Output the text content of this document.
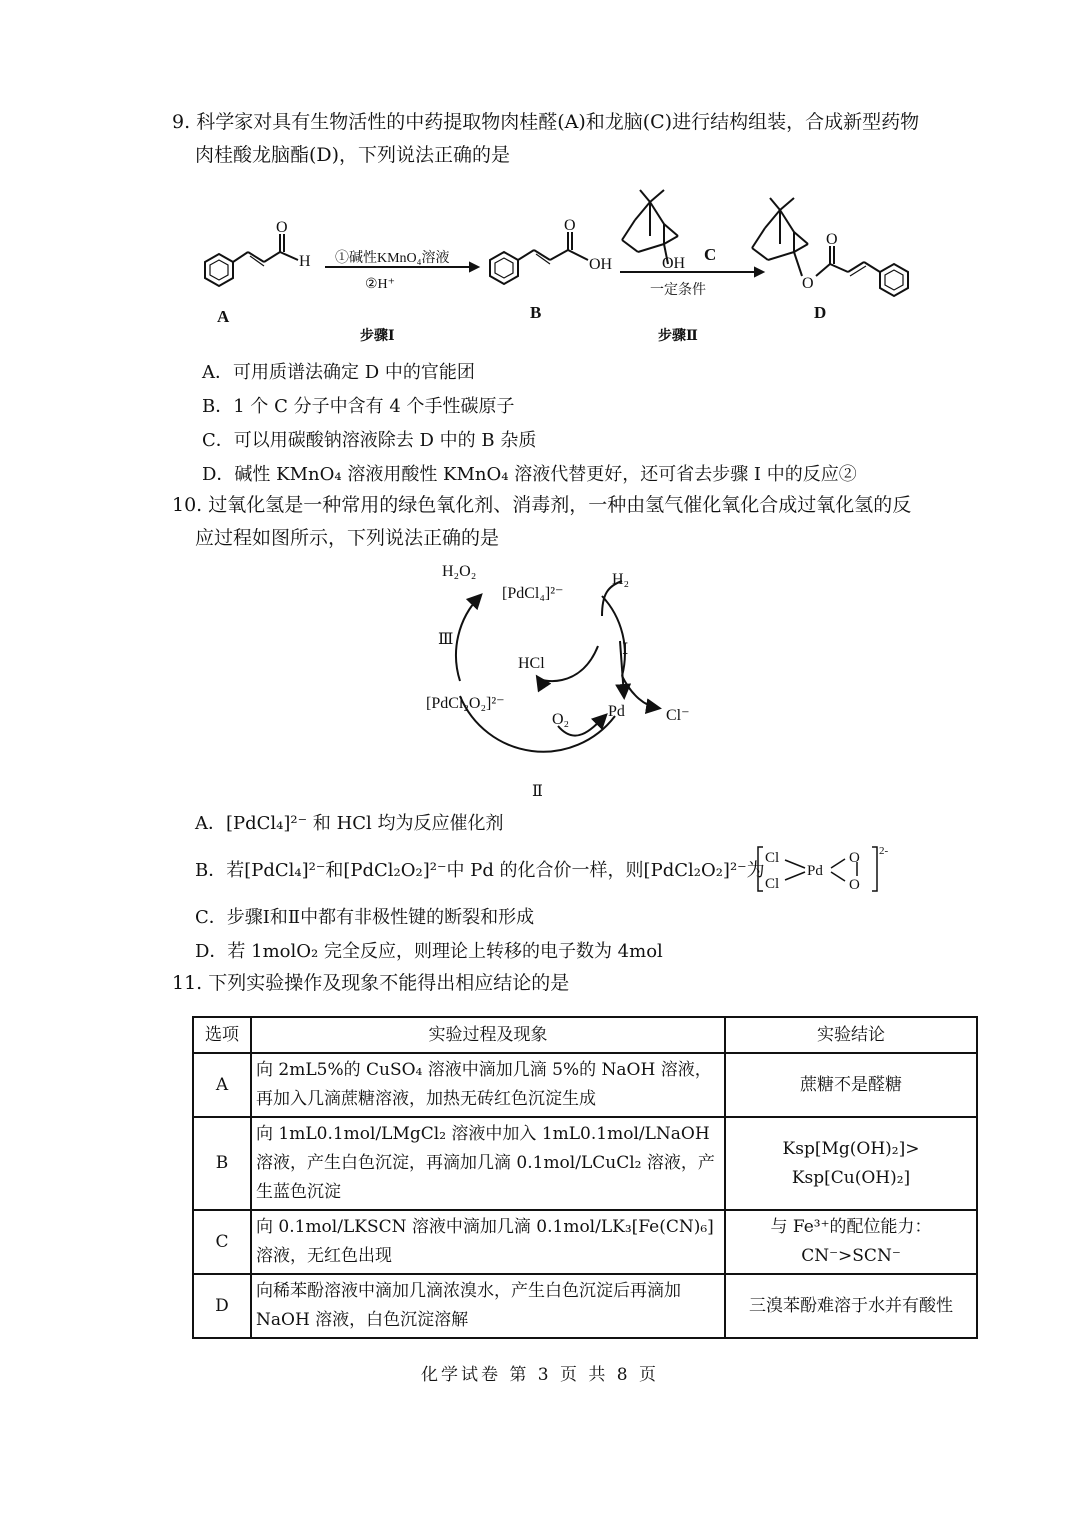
9. 科学家对具有生物活性的中药提取物肉桂醛(A)和龙脑(C)进行结构组装，合成新型药物
肉桂酸龙脑酯(D)，下列说法正确的是
H
O	O
OH	OH
O
O
A	B
C
D
①碱性KMnO₄溶液
②H⁺
步骤Ⅰ
一定条件
步骤Ⅱ
A．可用质谱法确定 D 中的官能团
B．1 个 C 分子中含有 4 个手性碳原子
C．可以用碳酸钠溶液除去 D 中的 B 杂质
D．碱性 KMnO₄ 溶液用酸性 KMnO₄ 溶液代替更好，还可省去步骤 I 中的反应②
10. 过氧化氢是一种常用的绿色氧化剂、消毒剂，一种由氢气催化氧化合成过氧化氢的反
应过程如图所示，下列说法正确的是
H₂O₂
[PdCl₄]²⁻
H₂
Ⅲ
Ⅰ
HCl
[PdCl₂O₂]²⁻
O₂ Pd	Cl⁻
Ⅱ
A．[PdCl₄]²⁻ 和 HCl 均为反应催化剂
B．若[PdCl₄]²⁻和[PdCl₂O₂]²⁻中 Pd 的化合价一样，则[PdCl₂O₂]²⁻为
Cl
Cl
Pd
O
O
2-
C．步骤Ⅰ和Ⅱ中都有非极性键的断裂和形成
D．若 1molO₂ 完全反应，则理论上转移的电子数为 4mol
11. 下列实验操作及现象不能得出相应结论的是
选项	实验过程及现象	实验结论
A	向 2mL5%的 CuSO₄ 溶液中滴加几滴 5%的 NaOH 溶液，再加入几滴蔗糖溶液，加热无砖红色沉淀生成	蔗糖不是醛糖
B	向 1mL0.1mol/LMgCl₂ 溶液中加入 1mL0.1mol/LNaOH 溶液，产生白色沉淀，再滴加几滴 0.1mol/LCuCl₂ 溶液，产生蓝色沉淀	Ksp[Mg(OH)₂]> Ksp[Cu(OH)₂]
C	向 0.1mol/LKSCN 溶液中滴加几滴 0.1mol/LK₃[Fe(CN)₆] 溶液，无红色出现	与 Fe³⁺的配位能力：CN⁻>SCN⁻
D	向稀苯酚溶液中滴加几滴浓溴水，产生白色沉淀后再滴加 NaOH 溶液，白色沉淀溶解	三溴苯酚难溶于水并有酸性
化学试卷 第 3 页 共 8 页
